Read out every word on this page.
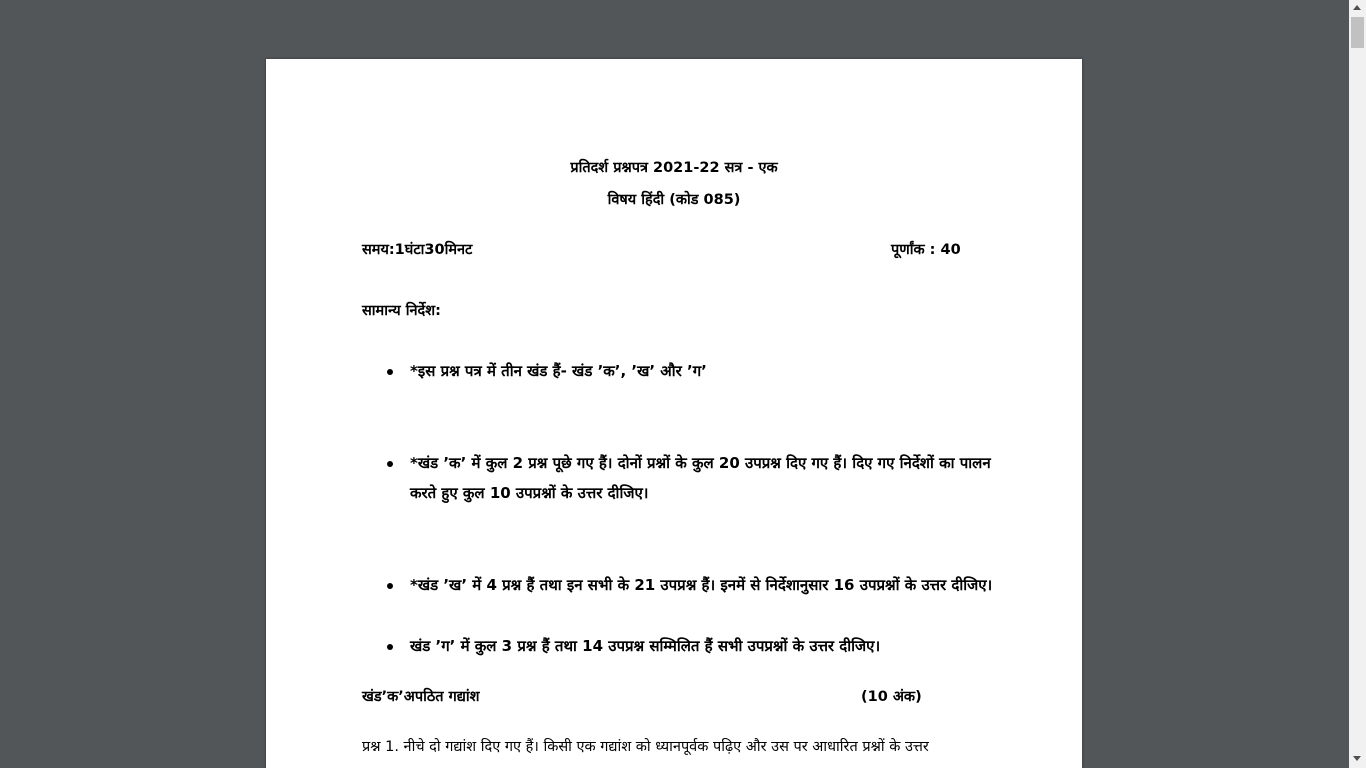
प्रतिदर्श प्रश्नपत्र 2021-22 सत्र - एक
विषय हिंदी (कोड 085)
समय:1घंटा30मिनट	पूर्णांक : 40
सामान्य निर्देश:
*इस प्रश्न पत्र में तीन खंड हैं- खंड ’क’, ’ख’ और ’ग’
*खंड ’क’ में कुल 2 प्रश्न पूछे गए हैं। दोनों प्रश्नों के कुल 20 उपप्रश्न दिए गए हैं। दिए गए निर्देशों का पालन करते हुए कुल 10 उपप्रश्नों के उत्तर दीजिए।
*खंड ’ख’ में 4 प्रश्न हैं तथा इन सभी के 21 उपप्रश्न हैं। इनमें से निर्देशानुसार 16 उपप्रश्नों के उत्तर दीजिए।
खंड ’ग’ में कुल 3 प्रश्न हैं तथा 14 उपप्रश्न सम्मिलित हैं सभी उपप्रश्नों के उत्तर दीजिए।
खंड’क’अपठित गद्यांश	(10 अंक)
प्रश्न 1. नीचे दो गद्यांश दिए गए हैं। किसी एक गद्यांश को ध्यानपूर्वक पढ़िए और उस पर आधारित प्रश्नों के उत्तर
